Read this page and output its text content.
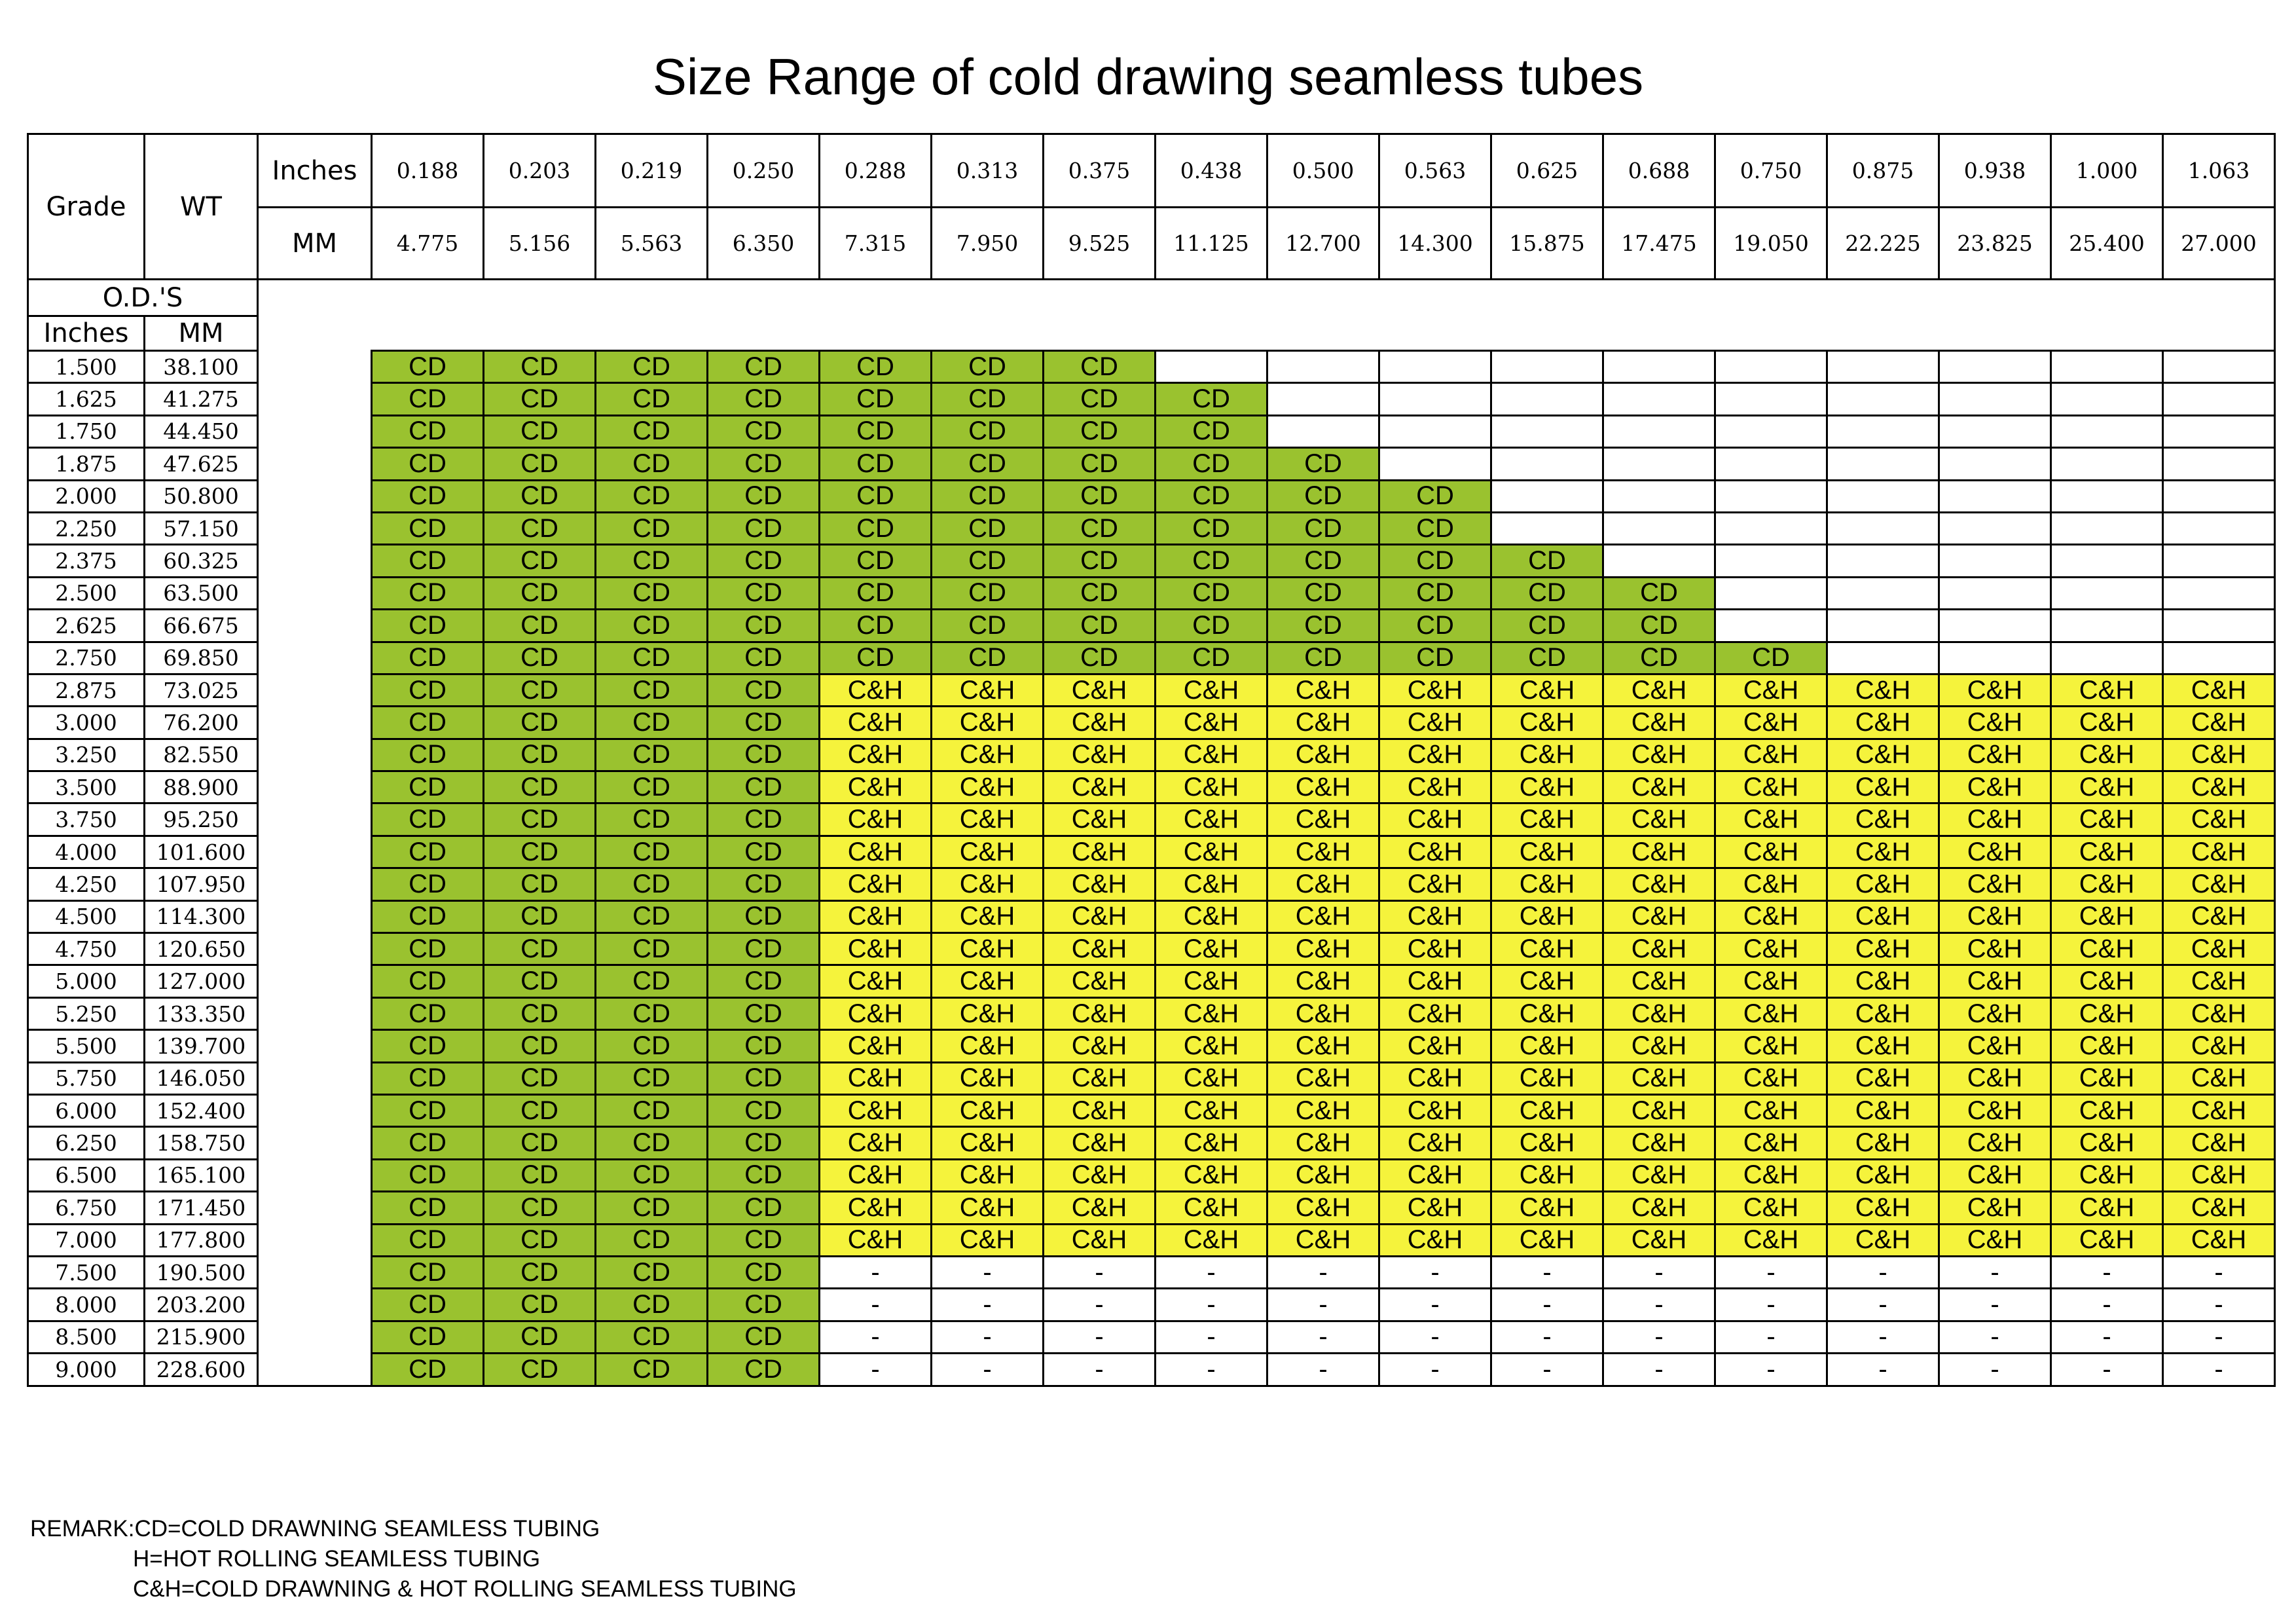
Size Range of cold drawing seamless tubes
Grade	WT	Inches	0.188	0.203	0.219	0.250	0.288	0.313	0.375	0.438	0.500	0.563	0.625	0.688	0.750	0.875	0.938	1.000	1.063
		MM	4.775	5.156	5.563	6.350	7.315	7.950	9.525	11.125	12.700	14.300	15.875	17.475	19.050	22.225	23.825	25.400	27.000
O.D.'S																			
Inches	MM																		
1.500	38.100		CD	CD	CD	CD	CD	CD	CD										
1.625	41.275		CD	CD	CD	CD	CD	CD	CD	CD									
1.750	44.450		CD	CD	CD	CD	CD	CD	CD	CD									
1.875	47.625		CD	CD	CD	CD	CD	CD	CD	CD	CD								
2.000	50.800		CD	CD	CD	CD	CD	CD	CD	CD	CD	CD							
2.250	57.150		CD	CD	CD	CD	CD	CD	CD	CD	CD	CD							
2.375	60.325		CD	CD	CD	CD	CD	CD	CD	CD	CD	CD	CD						
2.500	63.500		CD	CD	CD	CD	CD	CD	CD	CD	CD	CD	CD	CD					
2.625	66.675		CD	CD	CD	CD	CD	CD	CD	CD	CD	CD	CD	CD					
2.750	69.850		CD	CD	CD	CD	CD	CD	CD	CD	CD	CD	CD	CD	CD				
2.875	73.025		CD	CD	CD	CD	C&H	C&H	C&H	C&H	C&H	C&H	C&H	C&H	C&H	C&H	C&H	C&H	C&H
3.000	76.200		CD	CD	CD	CD	C&H	C&H	C&H	C&H	C&H	C&H	C&H	C&H	C&H	C&H	C&H	C&H	C&H
3.250	82.550		CD	CD	CD	CD	C&H	C&H	C&H	C&H	C&H	C&H	C&H	C&H	C&H	C&H	C&H	C&H	C&H
3.500	88.900		CD	CD	CD	CD	C&H	C&H	C&H	C&H	C&H	C&H	C&H	C&H	C&H	C&H	C&H	C&H	C&H
3.750	95.250		CD	CD	CD	CD	C&H	C&H	C&H	C&H	C&H	C&H	C&H	C&H	C&H	C&H	C&H	C&H	C&H
4.000	101.600		CD	CD	CD	CD	C&H	C&H	C&H	C&H	C&H	C&H	C&H	C&H	C&H	C&H	C&H	C&H	C&H
4.250	107.950		CD	CD	CD	CD	C&H	C&H	C&H	C&H	C&H	C&H	C&H	C&H	C&H	C&H	C&H	C&H	C&H
4.500	114.300		CD	CD	CD	CD	C&H	C&H	C&H	C&H	C&H	C&H	C&H	C&H	C&H	C&H	C&H	C&H	C&H
4.750	120.650		CD	CD	CD	CD	C&H	C&H	C&H	C&H	C&H	C&H	C&H	C&H	C&H	C&H	C&H	C&H	C&H
5.000	127.000		CD	CD	CD	CD	C&H	C&H	C&H	C&H	C&H	C&H	C&H	C&H	C&H	C&H	C&H	C&H	C&H
5.250	133.350		CD	CD	CD	CD	C&H	C&H	C&H	C&H	C&H	C&H	C&H	C&H	C&H	C&H	C&H	C&H	C&H
5.500	139.700		CD	CD	CD	CD	C&H	C&H	C&H	C&H	C&H	C&H	C&H	C&H	C&H	C&H	C&H	C&H	C&H
5.750	146.050		CD	CD	CD	CD	C&H	C&H	C&H	C&H	C&H	C&H	C&H	C&H	C&H	C&H	C&H	C&H	C&H
6.000	152.400		CD	CD	CD	CD	C&H	C&H	C&H	C&H	C&H	C&H	C&H	C&H	C&H	C&H	C&H	C&H	C&H
6.250	158.750		CD	CD	CD	CD	C&H	C&H	C&H	C&H	C&H	C&H	C&H	C&H	C&H	C&H	C&H	C&H	C&H
6.500	165.100		CD	CD	CD	CD	C&H	C&H	C&H	C&H	C&H	C&H	C&H	C&H	C&H	C&H	C&H	C&H	C&H
6.750	171.450		CD	CD	CD	CD	C&H	C&H	C&H	C&H	C&H	C&H	C&H	C&H	C&H	C&H	C&H	C&H	C&H
7.000	177.800		CD	CD	CD	CD	C&H	C&H	C&H	C&H	C&H	C&H	C&H	C&H	C&H	C&H	C&H	C&H	C&H
7.500	190.500		CD	CD	CD	CD	-	-	-	-	-	-	-	-	-	-	-	-	-
8.000	203.200		CD	CD	CD	CD	-	-	-	-	-	-	-	-	-	-	-	-	-
8.500	215.900		CD	CD	CD	CD	-	-	-	-	-	-	-	-	-	-	-	-	-
9.000	228.600		CD	CD	CD	CD	-	-	-	-	-	-	-	-	-	-	-	-	-
REMARK:CD=COLD DRAWNING SEAMLESS TUBING
H=HOT ROLLING SEAMLESS TUBING
C&H=COLD DRAWNING & HOT ROLLING SEAMLESS TUBING
